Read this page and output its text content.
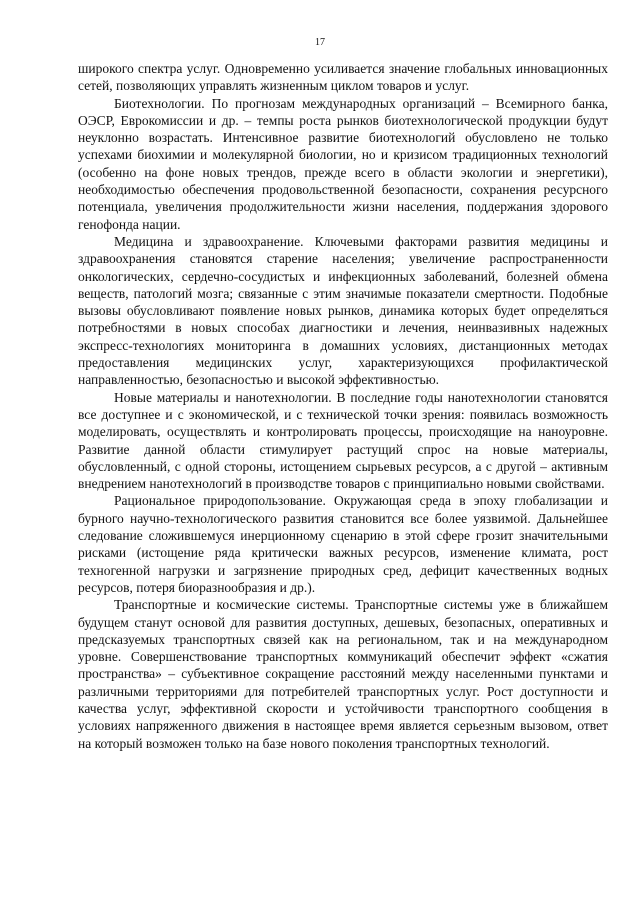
17

широкого спектра услуг. Одновременно усиливается значение глобальных инновационных сетей, позволяющих управлять жизненным циклом товаров и услуг.

Биотехнологии. По прогнозам международных организаций – Всемирного банка, ОЭСР, Еврокомиссии и др. – темпы роста рынков биотехнологической продукции будут неуклонно возрастать. Интенсивное развитие биотехнологий обусловлено не только успехами биохимии и молекулярной биологии, но и кризисом традиционных технологий (особенно на фоне новых трендов, прежде всего в области экологии и энергетики), необходимостью обеспечения продовольственной безопасности, сохранения ресурсного потенциала, увеличения продолжительности жизни населения, поддержания здорового генофонда нации.

Медицина и здравоохранение. Ключевыми факторами развития медицины и здравоохранения становятся старение населения; увеличение распространенности онкологических, сердечно-сосудистых и инфекционных заболеваний, болезней обмена веществ, патологий мозга; связанные с этим значимые показатели смертности. Подобные вызовы обусловливают появление новых рынков, динамика которых будет определяться потребностями в новых способах диагностики и лечения, неинвазивных надежных экспресс-технологиях мониторинга в домашних условиях, дистанционных методах предоставления медицинских услуг, характеризующихся профилактической направленностью, безопасностью и высокой эффективностью.

Новые материалы и нанотехнологии. В последние годы нанотехнологии становятся все доступнее и с экономической, и с технической точки зрения: появилась возможность моделировать, осуществлять и контролировать процессы, происходящие на наноуровне. Развитие данной области стимулирует растущий спрос на новые материалы, обусловленный, с одной стороны, истощением сырьевых ресурсов, а с другой – активным внедрением нанотехнологий в производстве товаров с принципиально новыми свойствами.

Рациональное природопользование. Окружающая среда в эпоху глобализации и бурного научно-технологического развития становится все более уязвимой. Дальнейшее следование сложившемуся инерционному сценарию в этой сфере грозит значительными рисками (истощение ряда критически важных ресурсов, изменение климата, рост техногенной нагрузки и загрязнение природных сред, дефицит качественных водных ресурсов, потеря биоразнообразия и др.).

Транспортные и космические системы. Транспортные системы уже в ближайшем будущем станут основой для развития доступных, дешевых, безопасных, оперативных и предсказуемых транспортных связей как на региональном, так и на международном уровне. Совершенствование транспортных коммуникаций обеспечит эффект «сжатия пространства» – субъективное сокращение расстояний между населенными пунктами и различными территориями для потребителей транспортных услуг. Рост доступности и качества услуг, эффективной скорости и устойчивости транспортного сообщения в условиях напряженного движения в настоящее время является серьезным вызовом, ответ на который возможен только на базе нового поколения транспортных технологий.
